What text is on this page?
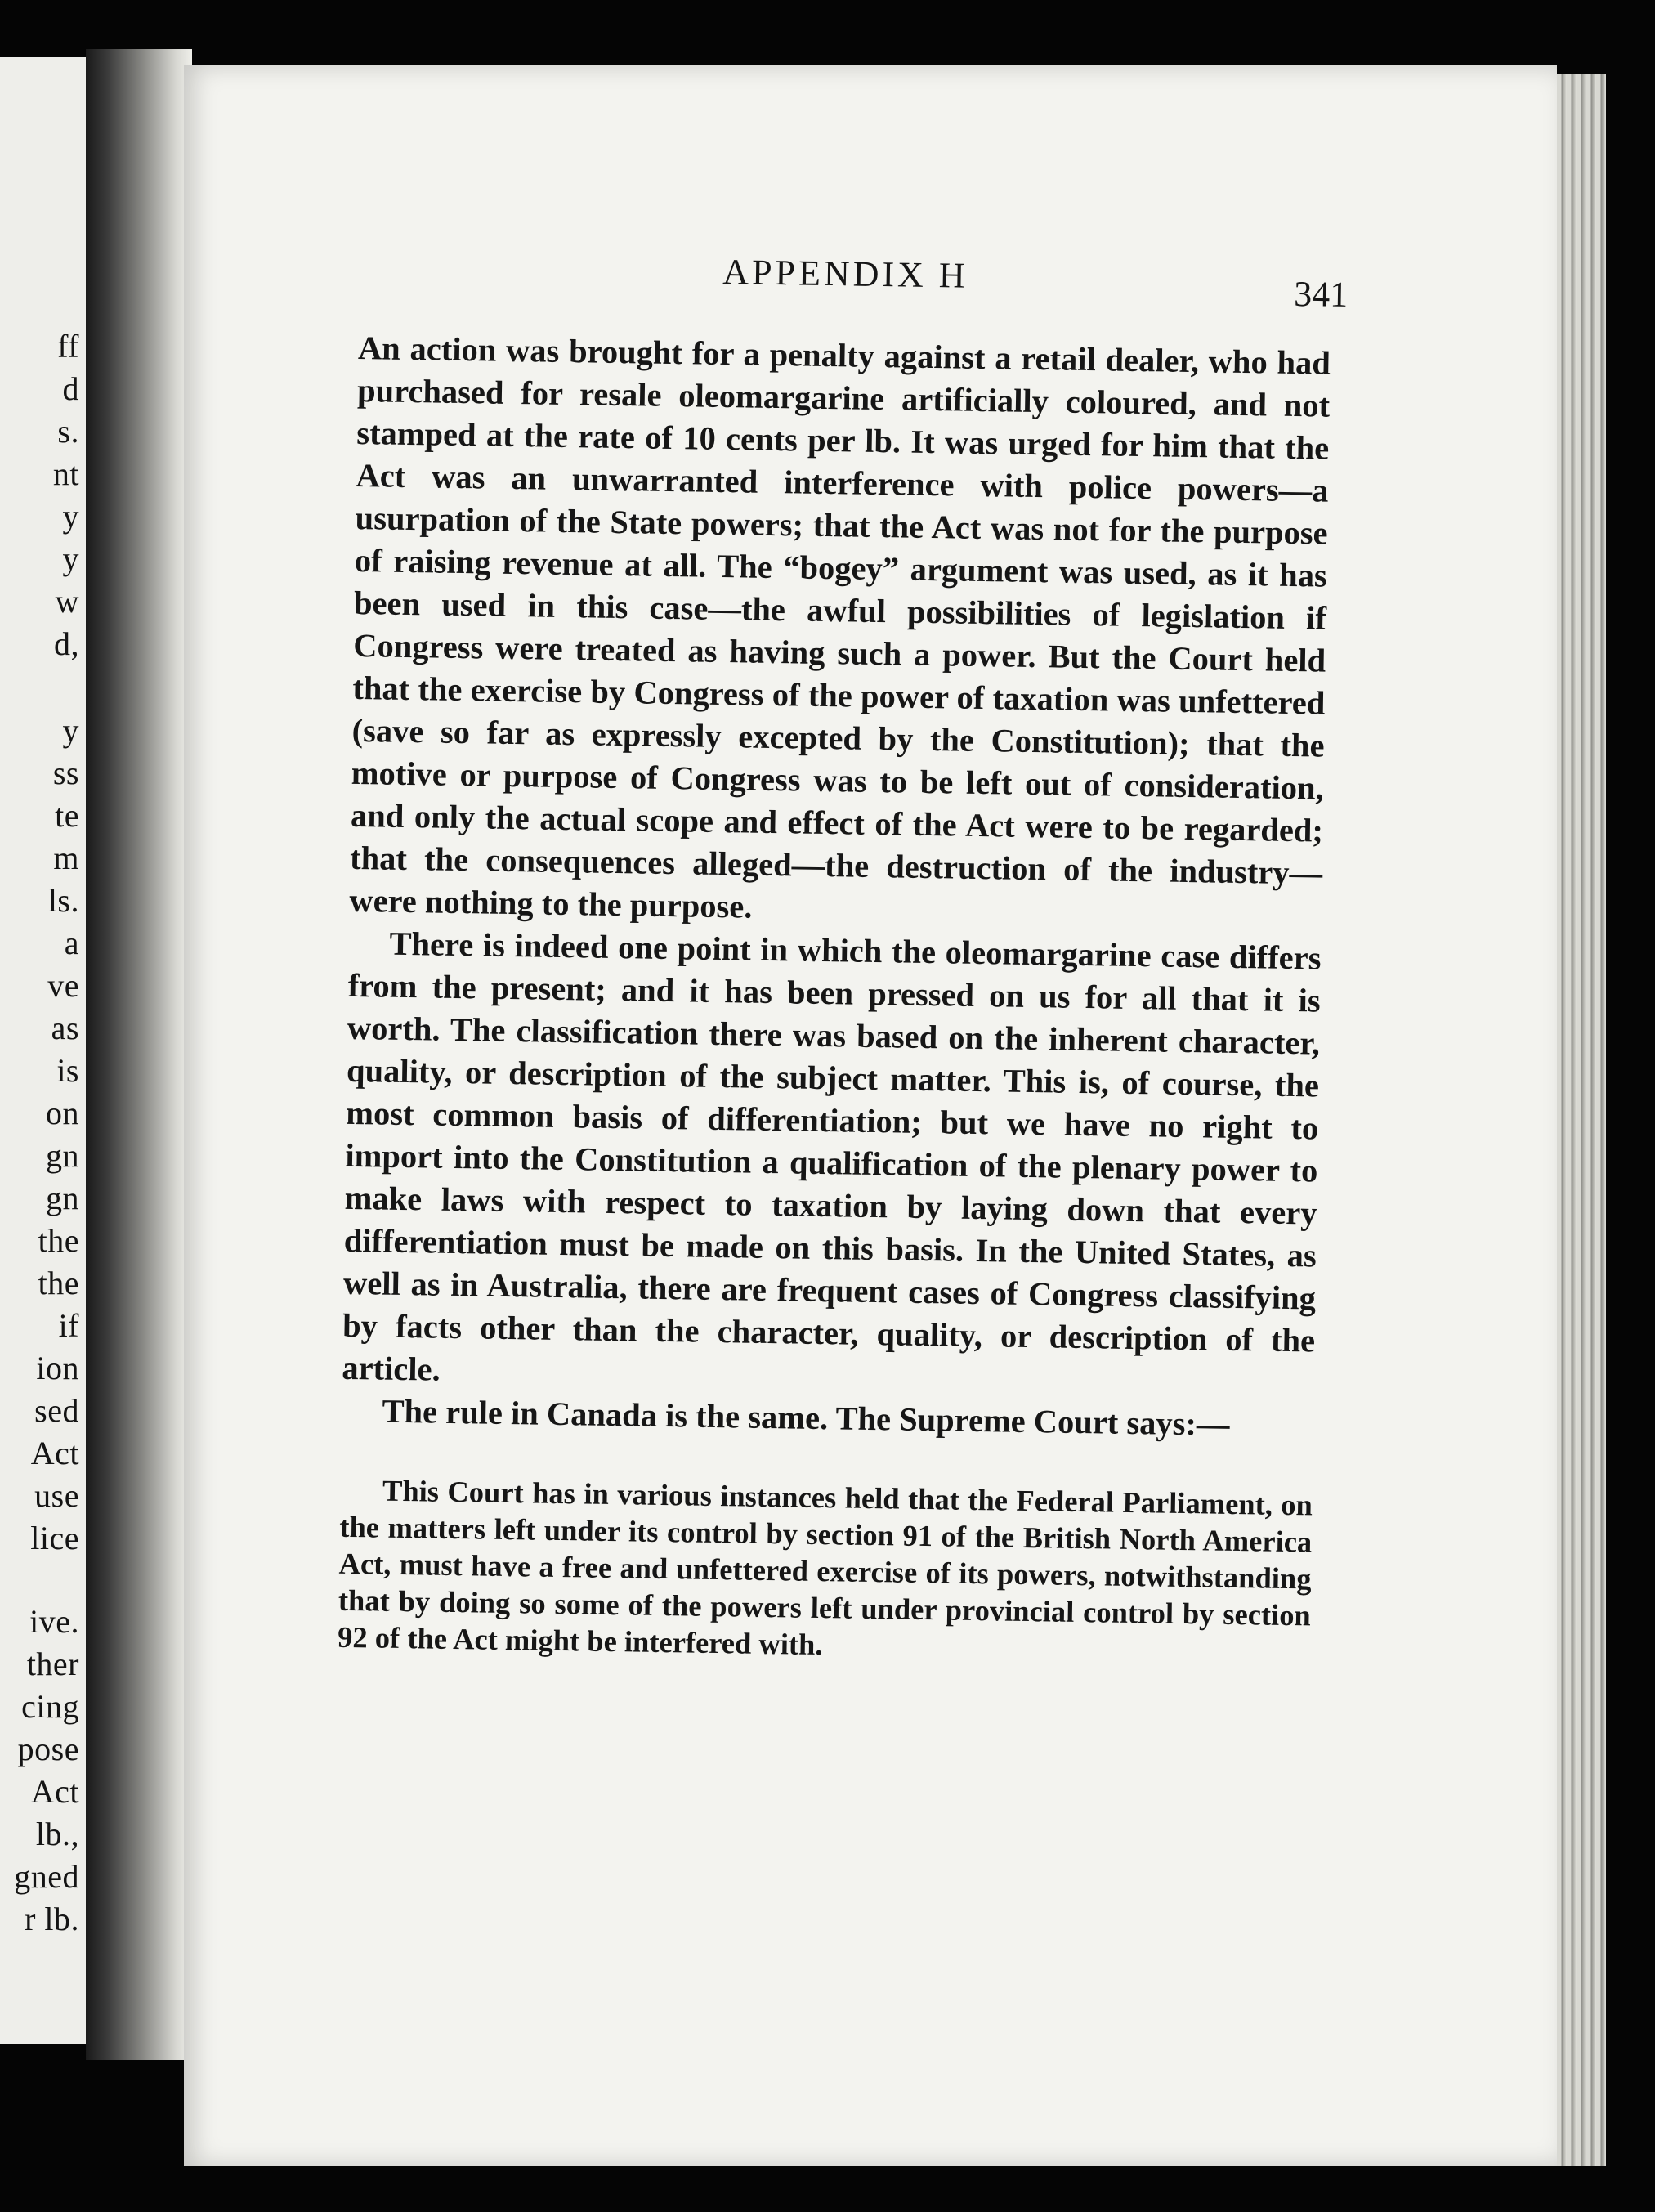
ff
d
s.
nt
y
y
w
d,
y
ss
te
m
ls.
a
ve
as
is
on
gn
gn
the
the
if
ion
sed
Act
use
lice
ive.
ther
cing
pose
Act
lb.,
gned
r lb.
APPENDIX H	341

An action was brought for a penalty against a retail dealer, who had purchased for resale oleomargarine artificially coloured, and not stamped at the rate of 10 cents per lb. It was urged for him that the Act was an unwarranted interference with police powers—a usurpation of the State powers; that the Act was not for the purpose of raising revenue at all. The “bogey” argument was used, as it has been used in this case—the awful possibilities of legislation if Congress were treated as having such a power. But the Court held that the exercise by Congress of the power of taxation was unfettered (save so far as expressly excepted by the Constitution); that the motive or purpose of Congress was to be left out of consideration, and only the actual scope and effect of the Act were to be regarded; that the consequences alleged—the destruction of the industry—were nothing to the purpose.

There is indeed one point in which the oleomargarine case differs from the present; and it has been pressed on us for all that it is worth. The classification there was based on the inherent character, quality, or description of the subject matter. This is, of course, the most common basis of differentiation; but we have no right to import into the Constitution a qualification of the plenary power to make laws with respect to taxation by laying down that every differentiation must be made on this basis. In the United States, as well as in Australia, there are frequent cases of Congress classifying by facts other than the character, quality, or description of the article.

The rule in Canada is the same. The Supreme Court says:—

This Court has in various instances held that the Federal Parliament, on the matters left under its control by section 91 of the British North America Act, must have a free and unfettered exercise of its powers, notwithstanding that by doing so some of the powers left under provincial control by section 92 of the Act might be interfered with.
